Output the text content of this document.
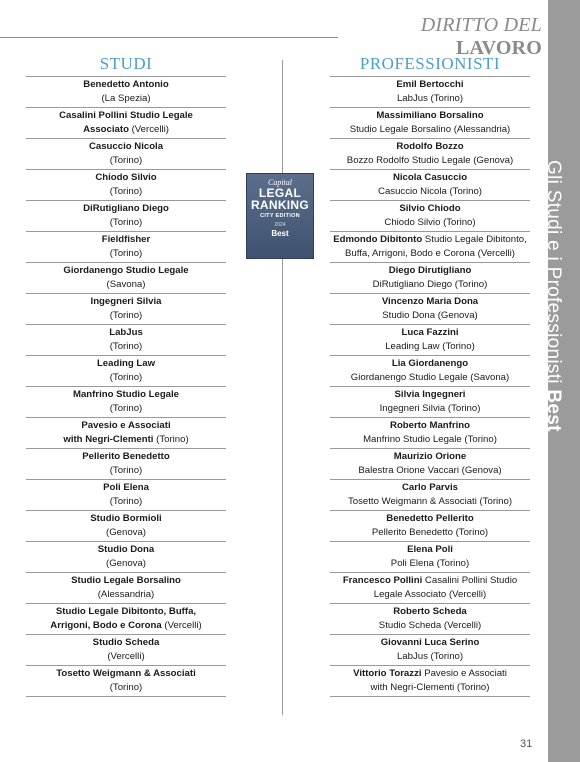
DIRITTO DEL LAVORO
Gli Studi e i Professionisti Best
STUDI	PROFESSIONISTI
Benedetto Antonio
(La Spezia)
Casalini Pollini Studio Legale
Associato (Vercelli)
Casuccio Nicola
(Torino)
Chiodo Silvio
(Torino)
DiRutigliano Diego
(Torino)
Fieldfisher
(Torino)
Giordanengo Studio Legale
(Savona)
Ingegneri Silvia
(Torino)
LabJus
(Torino)
Leading Law
(Torino)
Manfrino Studio Legale
(Torino)
Pavesio e Associati
with Negri-Clementi (Torino)
Pellerito Benedetto
(Torino)
Poli Elena
(Torino)
Studio Bormioli
(Genova)
Studio Dona
(Genova)
Studio Legale Borsalino
(Alessandria)
Studio Legale Dibitonto, Buffa,
Arrigoni, Bodo e Corona (Vercelli)
Studio Scheda
(Vercelli)
Tosetto Weigmann & Associati
(Torino)
Emil Bertocchi
LabJus (Torino)
Massimiliano Borsalino
Studio Legale Borsalino (Alessandria)
Rodolfo Bozzo
Bozzo Rodolfo Studio Legale (Genova)
Nicola Casuccio
Casuccio Nicola (Torino)
Silvio Chiodo
Chiodo Silvio (Torino)
Edmondo Dibitonto Studio Legale Dibitonto,
Buffa, Arrigoni, Bodo e Corona (Vercelli)
Diego Dirutigliano
DiRutigliano Diego (Torino)
Vincenzo Maria Dona
Studio Dona (Genova)
Luca Fazzini
Leading Law (Torino)
Lia Giordanengo
Giordanengo Studio Legale (Savona)
Silvia Ingegneri
Ingegneri Silvia (Torino)
Roberto Manfrino
Manfrino Studio Legale (Torino)
Maurizio Orione
Balestra Orione Vaccari (Genova)
Carlo Parvis
Tosetto Weigmann & Associati (Torino)
Benedetto Pellerito
Pellerito Benedetto (Torino)
Elena Poli
Poli Elena (Torino)
Francesco Pollini Casalini Pollini Studio
Legale Associato (Vercelli)
Roberto Scheda
Studio Scheda (Vercelli)
Giovanni Luca Serino
LabJus (Torino)
Vittorio Torazzi Pavesio e Associati
with Negri-Clementi (Torino)
Capital
LEGAL
RANKING
CITY EDITION
2024
Best
31
